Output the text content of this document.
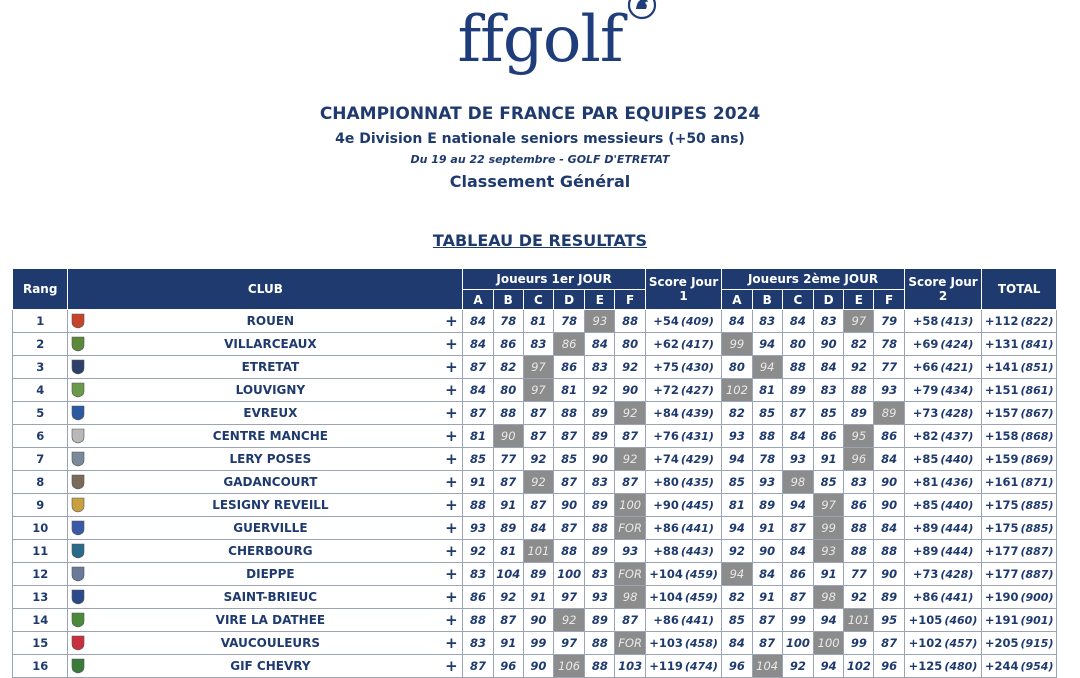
ffgolf
CHAMPIONNAT DE FRANCE PAR EQUIPES 2024
4e Division E nationale seniors messieurs (+50 ans)
Du 19 au 22 septembre - GOLF D'ETRETAT
Classement Général
TABLEAU DE RESULTATS
Rang	CLUB	Joueurs 1er JOUR						Score Jour 1	Joueurs 2ème JOUR						Score Jour 2	TOTAL
		A	B	C	D	E	F		A	B	C	D	E	F		
1	ROUEN +	84	78	81	78	93	88	+54 (409)	84	83	84	83	97	79	+58 (413)	+112 (822)
2	VILLARCEAUX +	84	86	83	86	84	80	+62 (417)	99	94	80	90	82	78	+69 (424)	+131 (841)
3	ETRETAT +	87	82	97	86	83	92	+75 (430)	80	94	88	84	92	77	+66 (421)	+141 (851)
4	LOUVIGNY +	84	80	97	81	92	90	+72 (427)	102	81	89	83	88	93	+79 (434)	+151 (861)
5	EVREUX +	87	88	87	88	89	92	+84 (439)	82	85	87	85	89	89	+73 (428)	+157 (867)
6	CENTRE MANCHE +	81	90	87	87	89	87	+76 (431)	93	88	84	86	95	86	+82 (437)	+158 (868)
7	LERY POSES +	85	77	92	85	90	92	+74 (429)	94	78	93	91	96	84	+85 (440)	+159 (869)
8	GADANCOURT +	91	87	92	87	83	87	+80 (435)	85	93	98	85	83	90	+81 (436)	+161 (871)
9	LESIGNY REVEILL +	88	91	87	90	89	100	+90 (445)	81	89	94	97	86	90	+85 (440)	+175 (885)
10	GUERVILLE +	93	89	84	87	88	FOR	+86 (441)	94	91	87	99	88	84	+89 (444)	+175 (885)
11	CHERBOURG +	92	81	101	88	89	93	+88 (443)	92	90	84	93	88	88	+89 (444)	+177 (887)
12	DIEPPE +	83	104	89	100	83	FOR	+104 (459)	94	84	86	91	77	90	+73 (428)	+177 (887)
13	SAINT-BRIEUC +	86	92	91	97	93	98	+104 (459)	82	91	87	98	92	89	+86 (441)	+190 (900)
14	VIRE LA DATHEE +	88	87	90	92	89	87	+86 (441)	85	87	99	94	101	95	+105 (460)	+191 (901)
15	VAUCOULEURS +	83	91	99	97	88	FOR	+103 (458)	84	87	100	100	99	87	+102 (457)	+205 (915)
16	GIF CHEVRY +	87	96	90	106	88	103	+119 (474)	96	104	92	94	102	96	+125 (480)	+244 (954)
